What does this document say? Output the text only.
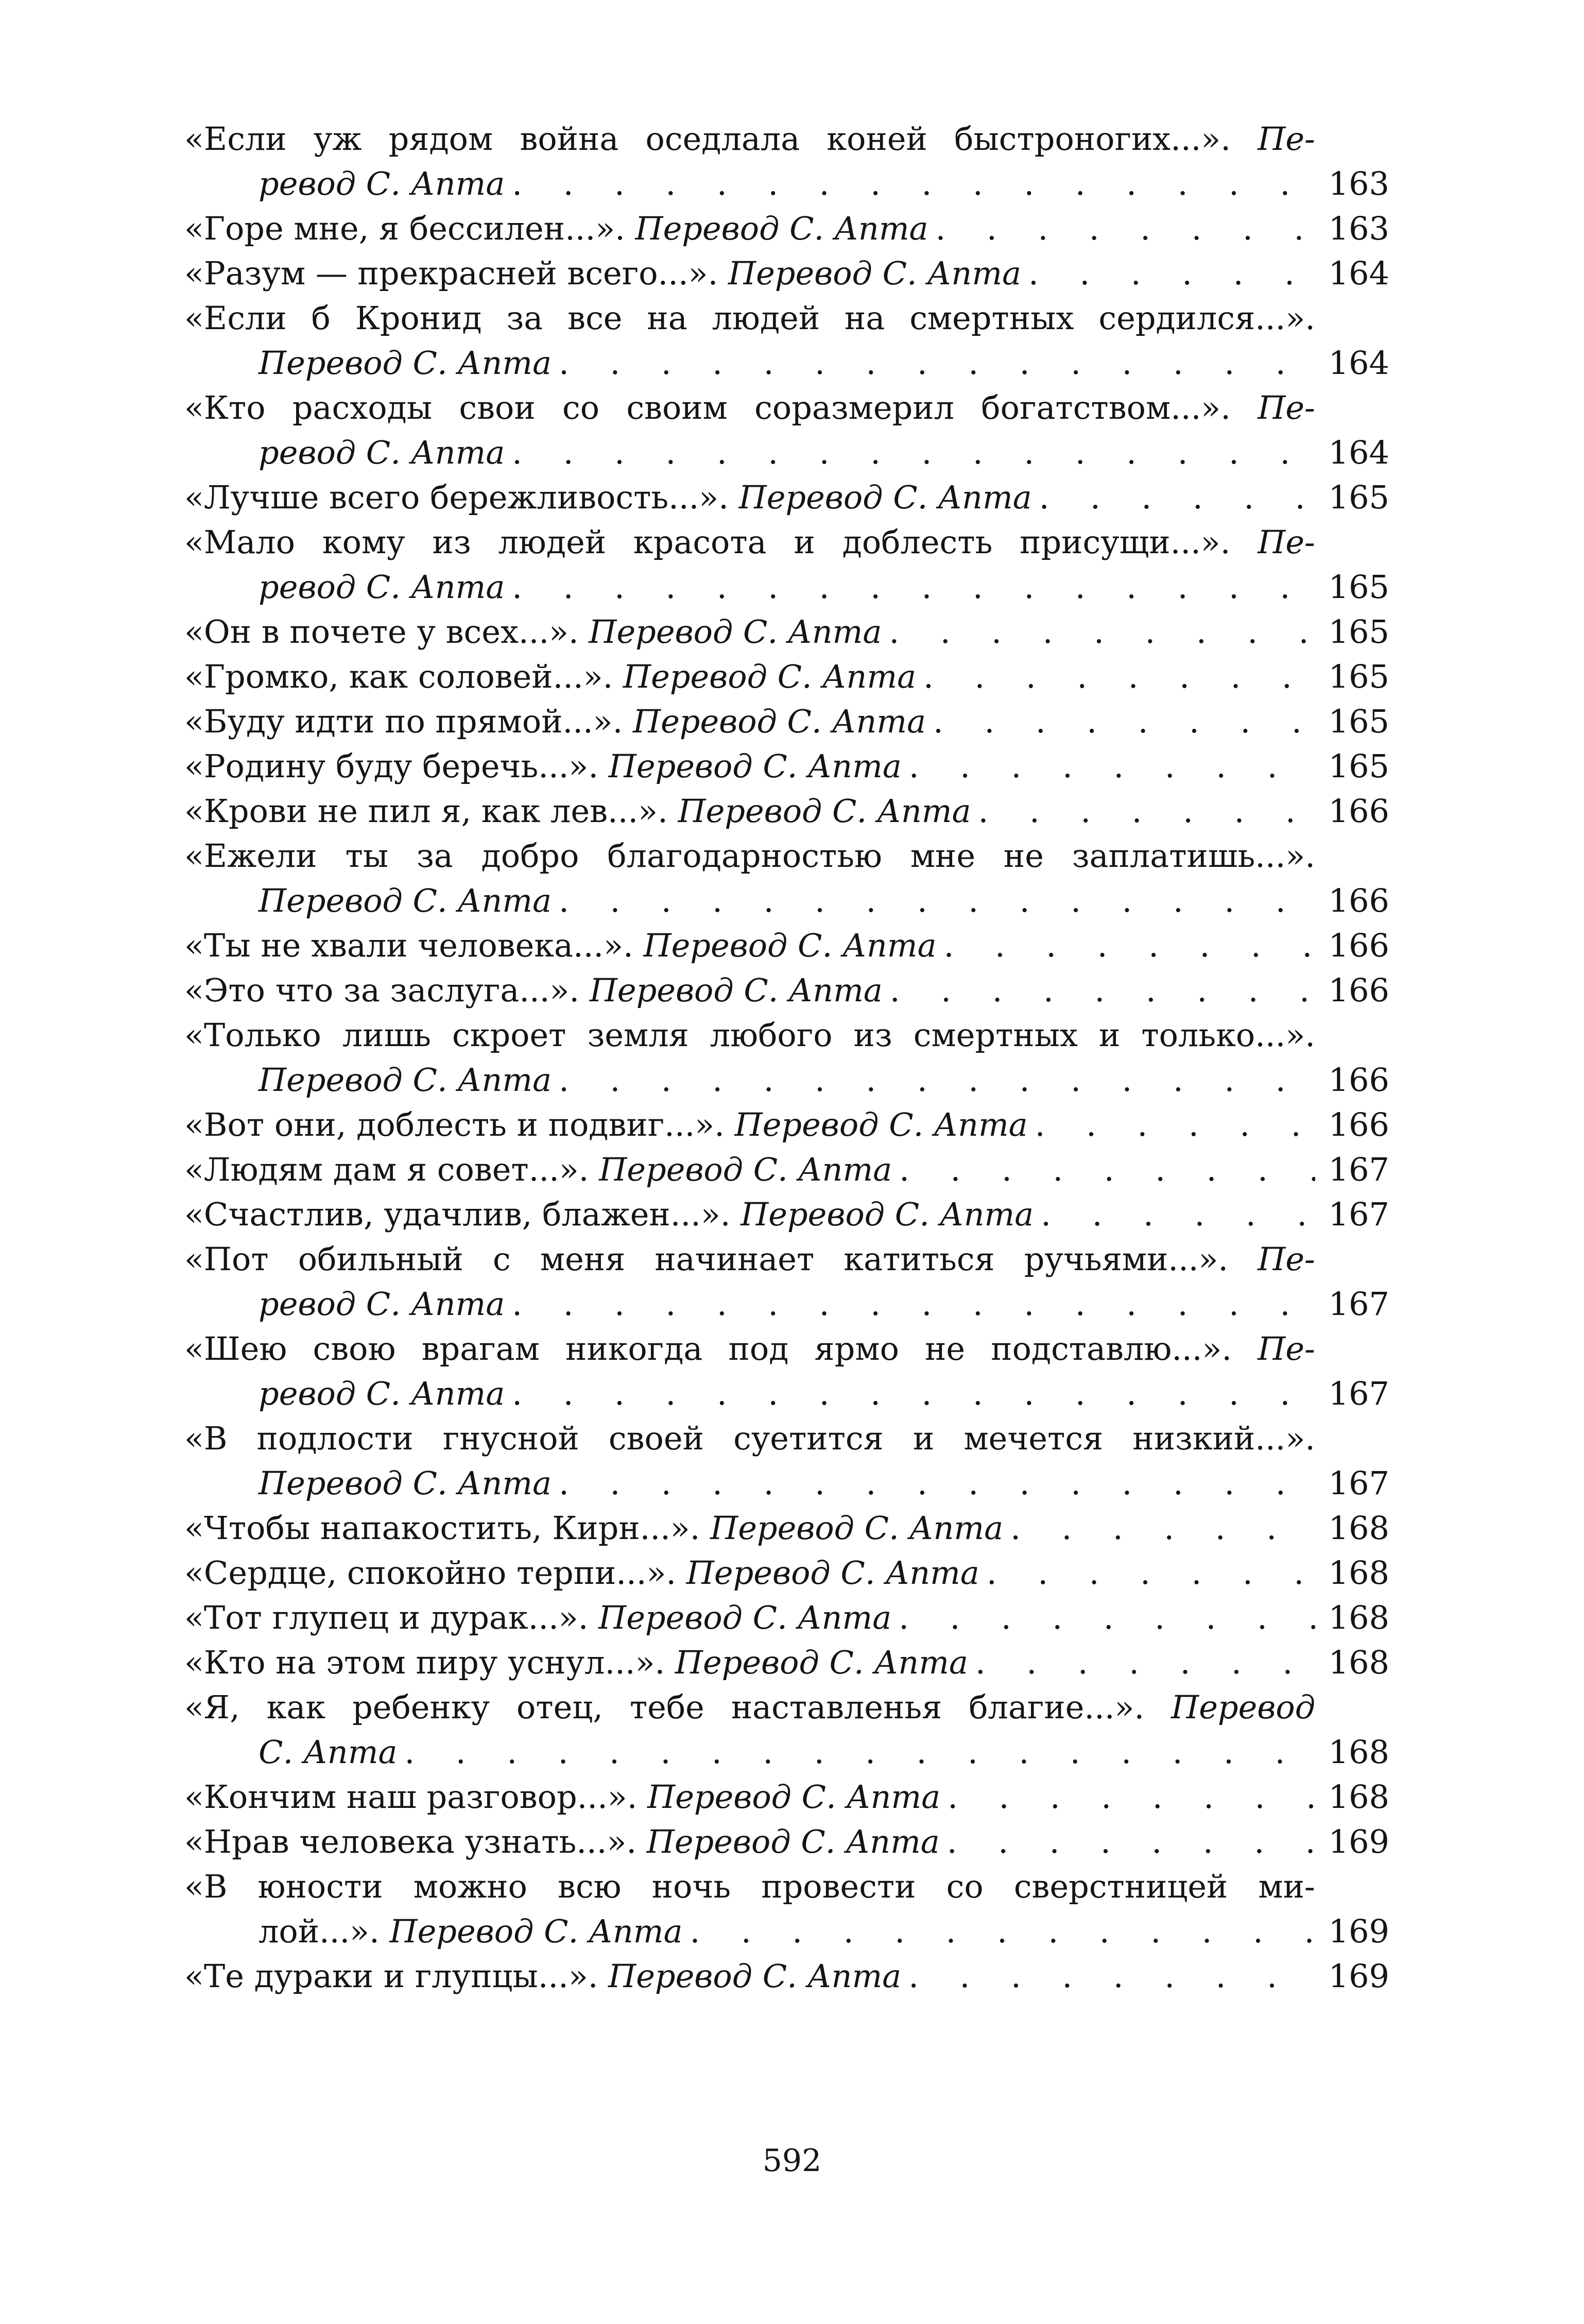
«Если уж рядом война оседлала коней быстроногих...». Пе-
ревод С. Апта . . .	163
«Горе мне, я бессилен...». Перевод С. Апта . . .	163
«Разум — прекрасней всего...». Перевод С. Апта . . .	164
«Если б Кронид за все на людей на смертных сердился...».
Перевод С. Апта . . .	164
«Кто расходы свои со своим соразмерил богатством...». Пе-
ревод С. Апта . . .	164
«Лучше всего бережливость...». Перевод С. Апта . . .	165
«Мало кому из людей красота и доблесть присущи...». Пе-
ревод С. Апта . . .	165
«Он в почете у всех...». Перевод С. Апта . . .	165
«Громко, как соловей...». Перевод С. Апта . . .	165
«Буду идти по прямой...». Перевод С. Апта . . .	165
«Родину буду беречь...». Перевод С. Апта . . .	165
«Крови не пил я, как лев...». Перевод С. Апта . . .	166
«Ежели ты за добро благодарностью мне не заплатишь...».
Перевод С. Апта . . .	166
«Ты не хвали человека...». Перевод С. Апта . . .	166
«Это что за заслуга...». Перевод С. Апта . . .	166
«Только лишь скроет земля любого из смертных и только...».
Перевод С. Апта . . .	166
«Вот они, доблесть и подвиг...». Перевод С. Апта . . .	166
«Людям дам я совет...». Перевод С. Апта . . .	167
«Счастлив, удачлив, блажен...». Перевод С. Апта . . .	167
«Пот обильный с меня начинает катиться ручьями...». Пе-
ревод С. Апта . . .	167
«Шею свою врагам никогда под ярмо не подставлю...». Пе-
ревод С. Апта . . .	167
«В подлости гнусной своей суетится и мечется низкий...».
Перевод С. Апта . . .	167
«Чтобы напакостить, Кирн...». Перевод С. Апта . . .	168
«Сердце, спокойно терпи...». Перевод С. Апта . . .	168
«Тот глупец и дурак...». Перевод С. Апта . . .	168
«Кто на этом пиру уснул...». Перевод С. Апта . . .	168
«Я, как ребенку отец, тебе наставленья благие...». Перевод
С. Апта . . .	168
«Кончим наш разговор...». Перевод С. Апта . . .	168
«Нрав человека узнать...». Перевод С. Апта . . .	169
«В юности можно всю ночь провести со сверстницей ми-
лой...». Перевод С. Апта . . .	169
«Те дураки и глупцы...». Перевод С. Апта . . .	169
592
